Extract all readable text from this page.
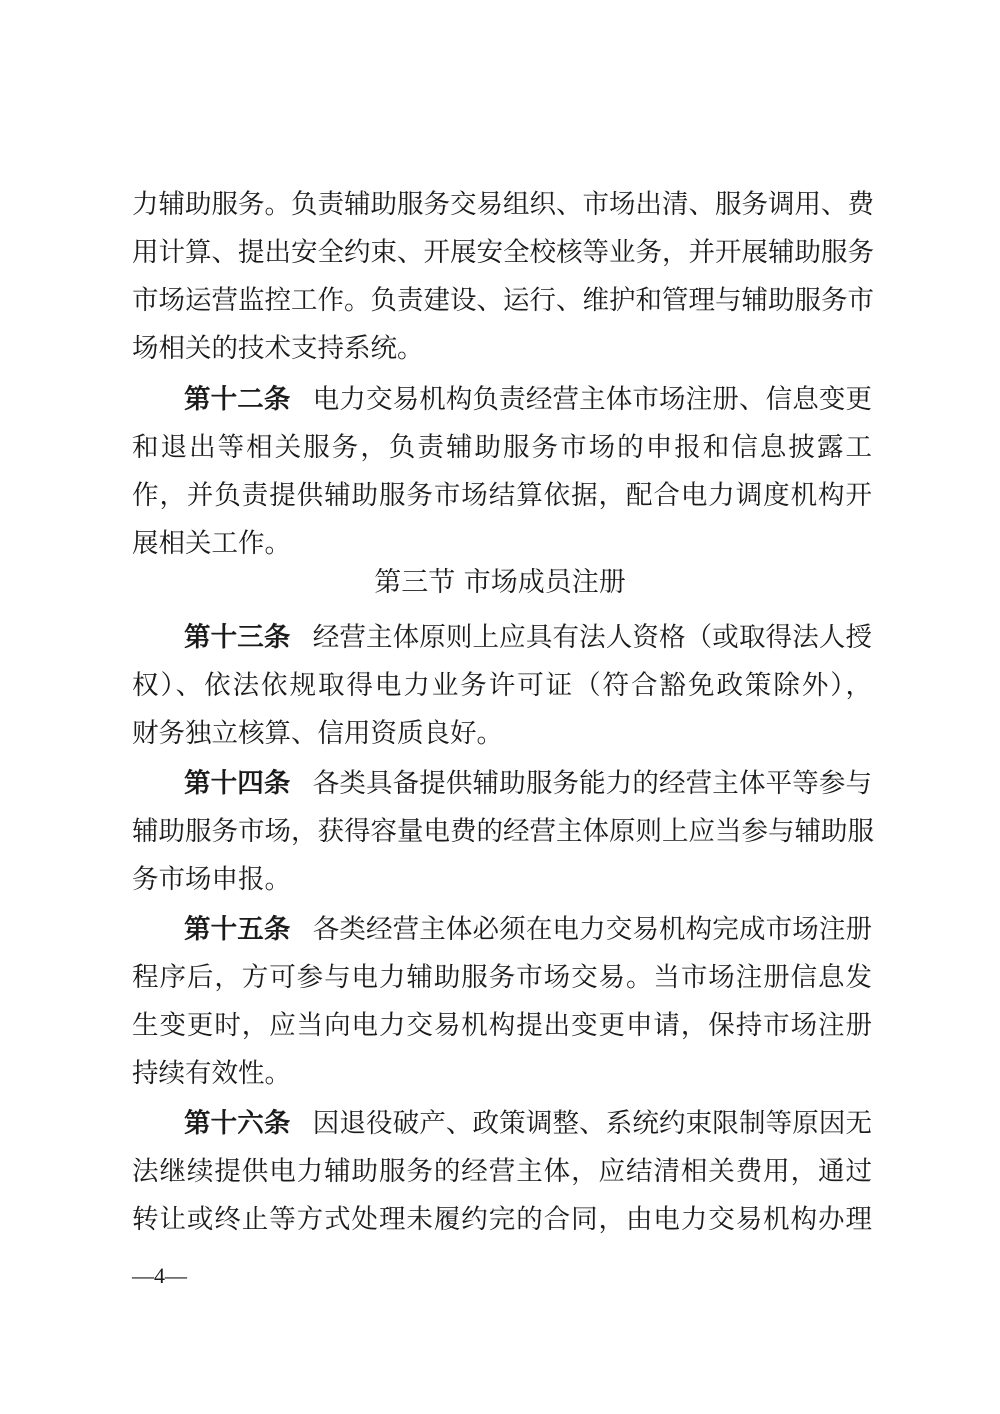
力辅助服务。负责辅助服务交易组织、市场出清、服务调用、费
用计算、提出安全约束、开展安全校核等业务，并开展辅助服务
市场运营监控工作。负责建设、运行、维护和管理与辅助服务市
场相关的技术支持系统。
第十二条 电力交易机构负责经营主体市场注册、信息变更
和退出等相关服务，负责辅助服务市场的申报和信息披露工
作，并负责提供辅助服务市场结算依据，配合电力调度机构开
展相关工作。
第三节 市场成员注册
第十三条 经营主体原则上应具有法人资格（或取得法人授
权）、依法依规取得电力业务许可证（符合豁免政策除外），
财务独立核算、信用资质良好。
第十四条 各类具备提供辅助服务能力的经营主体平等参与
辅助服务市场，获得容量电费的经营主体原则上应当参与辅助服
务市场申报。
第十五条 各类经营主体必须在电力交易机构完成市场注册
程序后，方可参与电力辅助服务市场交易。当市场注册信息发
生变更时，应当向电力交易机构提出变更申请，保持市场注册
持续有效性。
第十六条 因退役破产、政策调整、系统约束限制等原因无
法继续提供电力辅助服务的经营主体，应结清相关费用，通过
转让或终止等方式处理未履约完的合同，由电力交易机构办理
—4—
